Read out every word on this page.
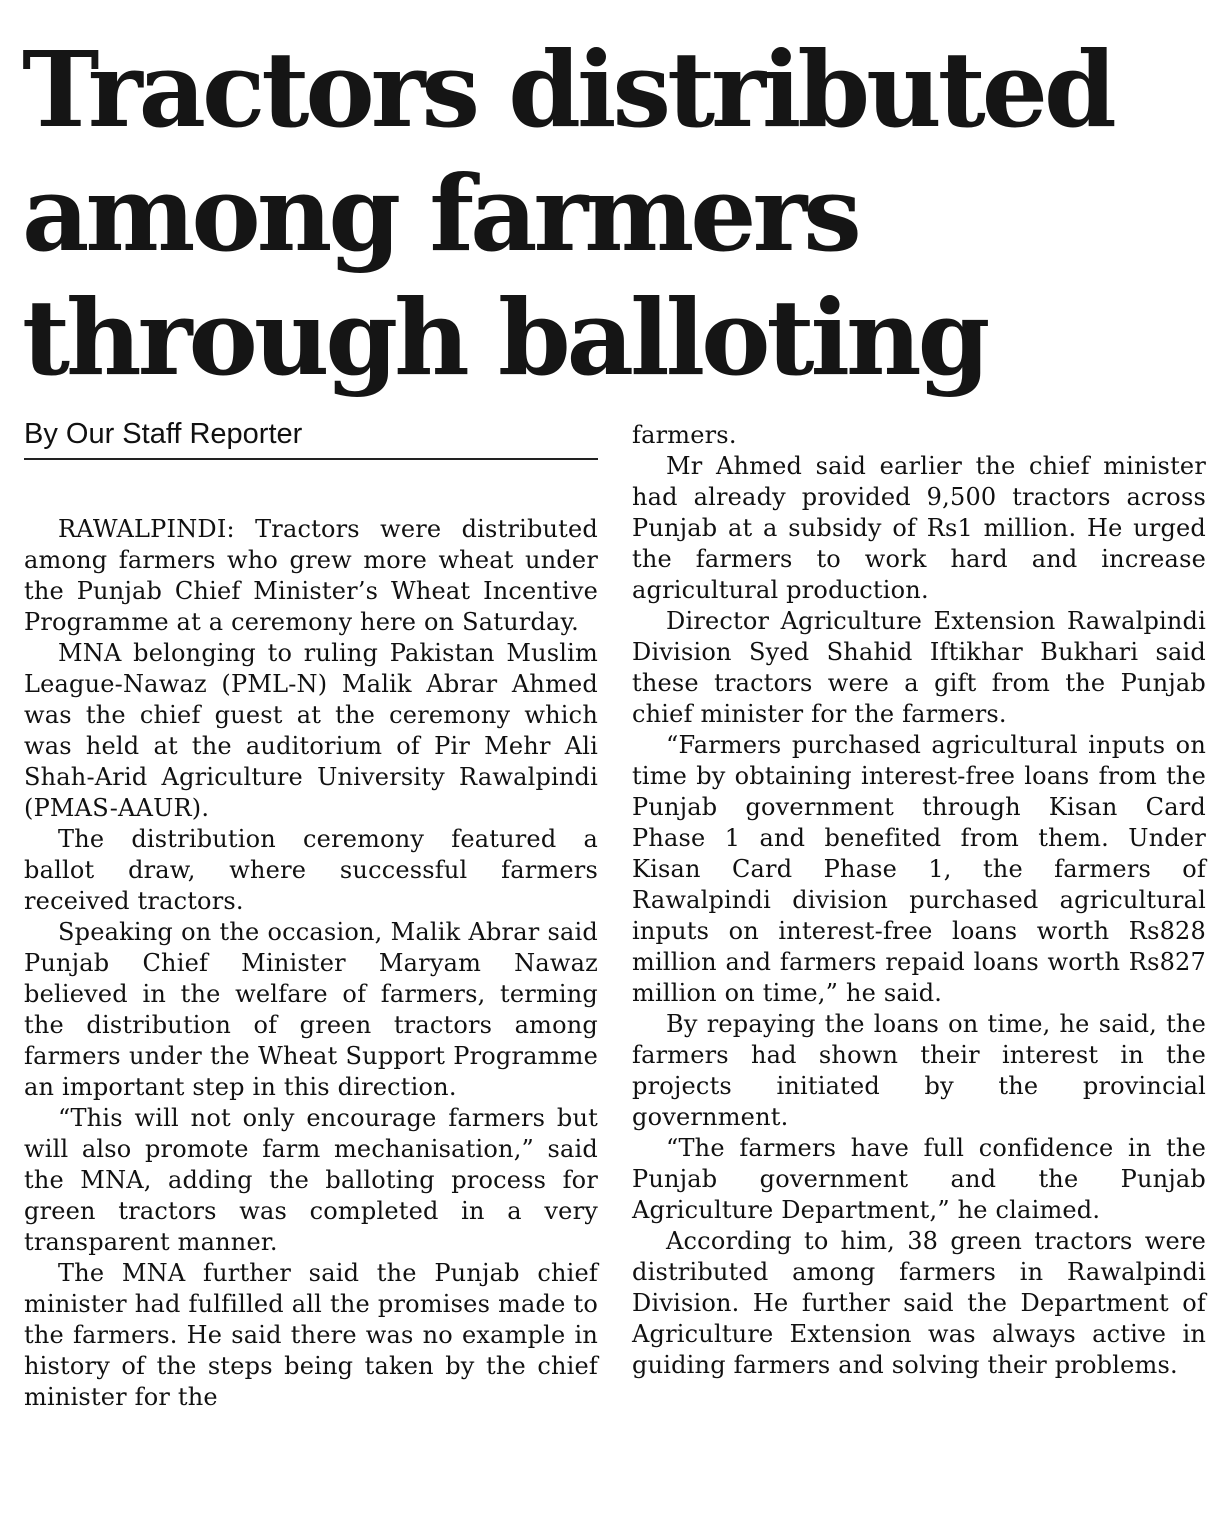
Tractors distributed
among farmers
through balloting
By Our Staff Reporter

RAWALPINDI: Tractors were distributed among farmers who grew more wheat under the Punjab Chief Minister’s Wheat Incentive Programme at a ceremony here on Saturday.

MNA belonging to ruling Pakistan Muslim League-Nawaz (PML-N) Malik Abrar Ahmed was the chief guest at the ceremony which was held at the auditorium of Pir Mehr Ali Shah-Arid Agriculture University Rawalpindi (PMAS-AAUR).

The distribution ceremony featured a ballot draw, where successful farmers received tractors.

Speaking on the occasion, Malik Abrar said Punjab Chief Minister Maryam Nawaz believed in the welfare of farmers, terming the distribution of green tractors among farmers under the Wheat Support Programme an important step in this direction.

“This will not only encourage farmers but will also promote farm mechanisation,” said the MNA, adding the balloting process for green tractors was completed in a very transparent manner.

The MNA further said the Punjab chief minister had fulfilled all the promises made to the farmers. He said there was no example in history of the steps being taken by the chief minister for the

farmers.

Mr Ahmed said earlier the chief minister had already provided 9,500 tractors across Punjab at a subsidy of Rs1 million. He urged the farmers to work hard and increase agricultural production.

Director Agriculture Extension Rawalpindi Division Syed Shahid Iftikhar Bukhari said these tractors were a gift from the Punjab chief minister for the farmers.

“Farmers purchased agricultural inputs on time by obtaining interest-free loans from the Punjab government through Kisan Card Phase 1 and benefited from them. Under Kisan Card Phase 1, the farmers of Rawalpindi division purchased agricultural inputs on interest-free loans worth Rs828 million and farmers repaid loans worth Rs827 million on time,” he said.

By repaying the loans on time, he said, the farmers had shown their interest in the projects initiated by the provincial government.

“The farmers have full confidence in the Punjab government and the Punjab Agriculture Department,” he claimed.

According to him, 38 green tractors were distributed among farmers in Rawalpindi Division. He further said the Department of Agriculture Extension was always active in guiding farmers and solving their problems.
